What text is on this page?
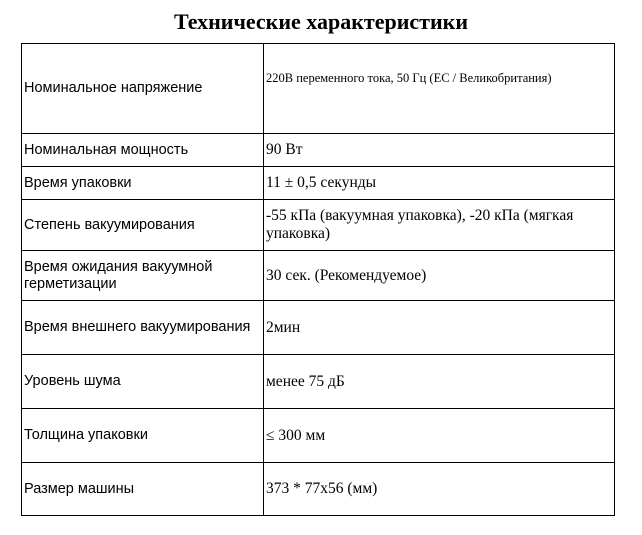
Технические характеристики
Номинальное напряжение	220В переменного тока, 50 Гц (ЕС / Великобритания)
Номинальная мощность	90 Вт
Время упаковки	11 ± 0,5 секунды
Степень вакуумирования	-55 кПа (вакуумная упаковка), -20 кПа (мягкая упаковка)
Время ожидания вакуумной герметизации	30 сек. (Рекомендуемое)
Время внешнего вакуумирования	2мин
Уровень шума	менее 75 дБ
Толщина упаковки	≤ 300 мм
Размер машины	373 * 77х56 (мм)
